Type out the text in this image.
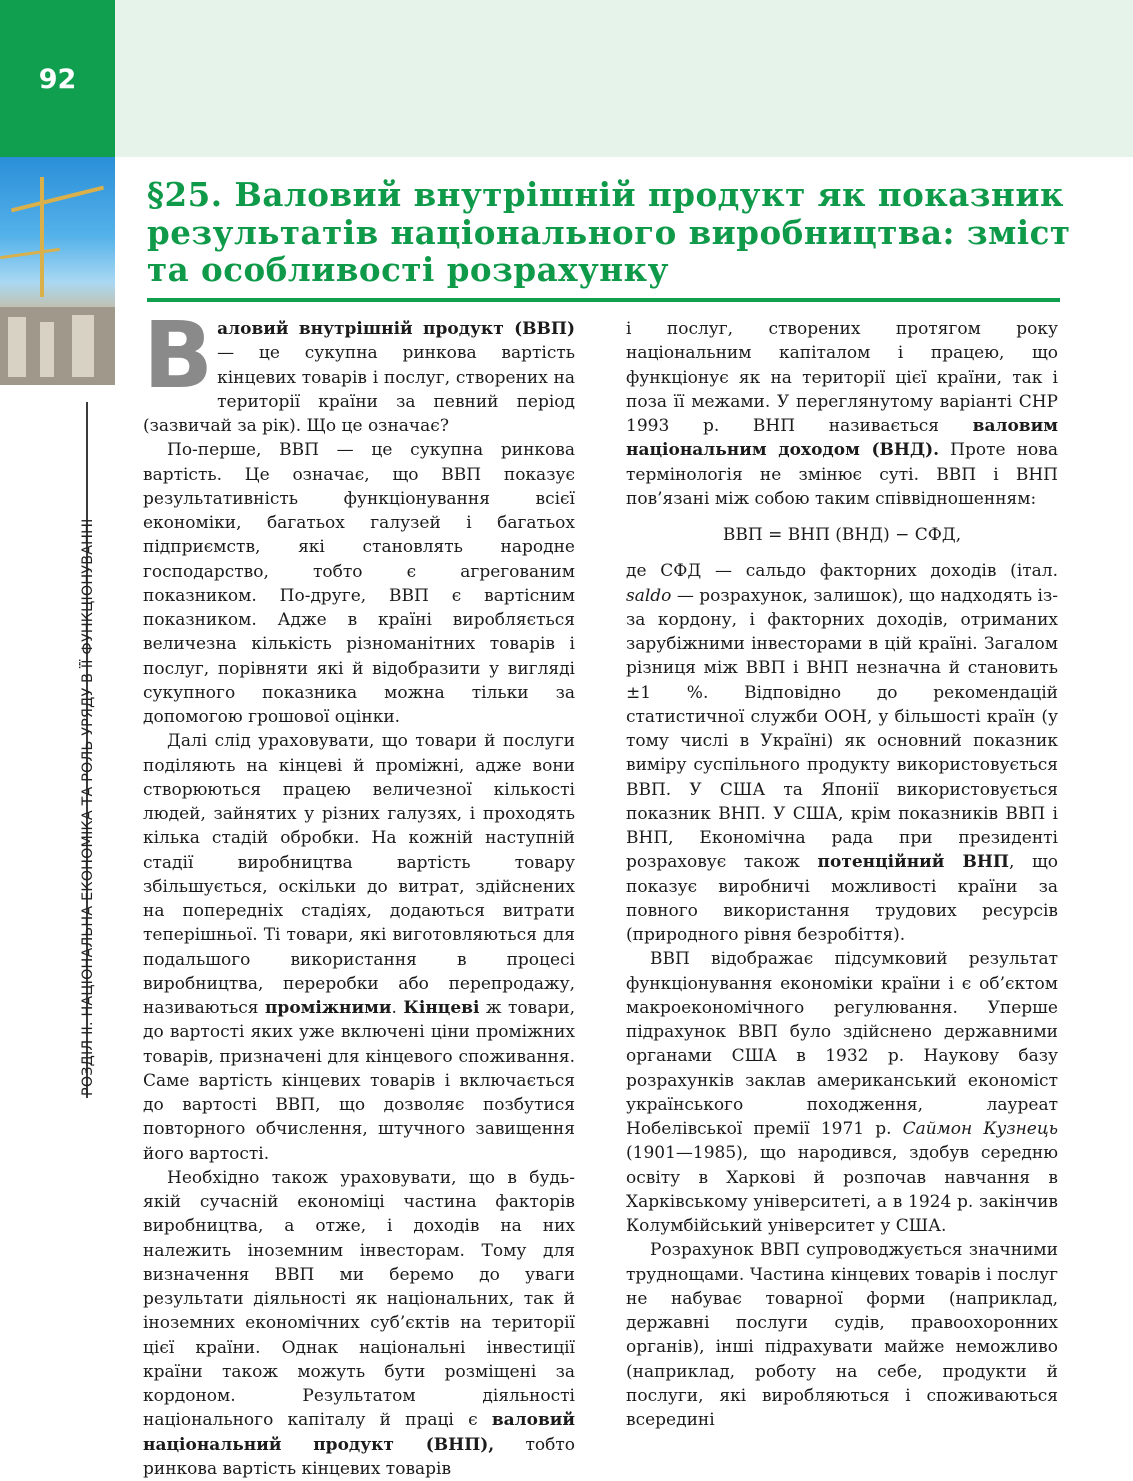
92
РОЗДІЛ II. НАЦІОНАЛЬНА ЕКОНОМІКА ТА РОЛЬ УРЯДУ В ЇЇ ФУНКЦІОНУВАННІ
§25. Валовий внутрішній продукт як показник результатів національного виробництва: зміст та особливості розрахунку
В аловий внутрішній продукт (ВВП) — це сукупна ринкова вартість кінцевих товарів і послуг, створених на території країни за певний період (зазвичай за рік). Що це означає?

По-перше, ВВП — це сукупна ринкова вартість. Це означає, що ВВП показує результативність функціонування всієї економіки, багатьох галузей і багатьох підприємств, які становлять народне господарство, тобто є агрегованим показником. По-друге, ВВП є вартісним показником. Адже в країні виробляється величезна кількість різноманітних товарів і послуг, порівняти які й відобразити у вигляді сукупного показника можна тільки за допомогою грошової оцінки.

Далі слід ураховувати, що товари й послуги поділяють на кінцеві й проміжні, адже вони створюються працею величезної кількості людей, зайнятих у різних галузях, і проходять кілька стадій обробки. На кожній наступній стадії виробництва вартість товару збільшується, оскільки до витрат, здійснених на попередніх стадіях, додаються витрати теперішньої. Ті товари, які виготовляються для подальшого використання в процесі виробництва, переробки або перепродажу, називаються проміжними. Кінцеві ж товари, до вартості яких уже включені ціни проміжних товарів, призначені для кінцевого споживання. Саме вартість кінцевих товарів і включається до вартості ВВП, що дозволяє позбутися повторного обчислення, штучного завищення його вартості.

Необхідно також ураховувати, що в будь-якій сучасній економіці частина факторів виробництва, а отже, і доходів на них належить іноземним інвесторам. Тому для визначення ВВП ми беремо до уваги результати діяльності як національних, так й іноземних економічних суб’єктів на території цієї країни. Однак національні інвестиції країни також можуть бути розміщені за кордоном. Результатом діяльності національного капіталу й праці є валовий національний продукт (ВНП), тобто ринкова вартість кінцевих товарів

і послуг, створених протягом року національним капіталом і працею, що функціонує як на території цієї країни, так і поза її межами. У переглянутому варіанті СНР 1993 р. ВНП називається валовим національним доходом (ВНД). Проте нова термінологія не змінює суті. ВВП і ВНП пов’язані між собою таким співвідношенням:

ВВП = ВНП (ВНД) − СФД,

де СФД — сальдо факторних доходів (італ. saldo — розрахунок, залишок), що надходять із-за кордону, і факторних доходів, отриманих зарубіжними інвесторами в цій країні. Загалом різниця між ВВП і ВНП незначна й становить ±1 %. Відповідно до рекомендацій статистичної служби ООН, у більшості країн (у тому числі в Україні) як основний показник виміру суспільного продукту використовується ВВП. У США та Японії використовується показник ВНП. У США, крім показників ВВП і ВНП, Економічна рада при президенті розраховує також потенційний ВНП, що показує виробничі можливості країни за повного використання трудових ресурсів (природного рівня безробіття).

ВВП відображає підсумковий результат функціонування економіки країни і є об’єктом макроекономічного регулювання. Уперше підрахунок ВВП було здійснено державними органами США в 1932 р. Наукову базу розрахунків заклав американський економіст українського походження, лауреат Нобелівської премії 1971 р. Саймон Кузнець (1901—1985), що народився, здобув середню освіту в Харкові й розпочав навчання в Харківському університеті, а в 1924 р. закінчив Колумбійський університет у США.

Розрахунок ВВП супроводжується значними труднощами. Частина кінцевих товарів і послуг не набуває товарної форми (наприклад, державні послуги судів, правоохоронних органів), інші підрахувати майже неможливо (наприклад, роботу на себе, продукти й послуги, які виробляються і споживаються всередині
